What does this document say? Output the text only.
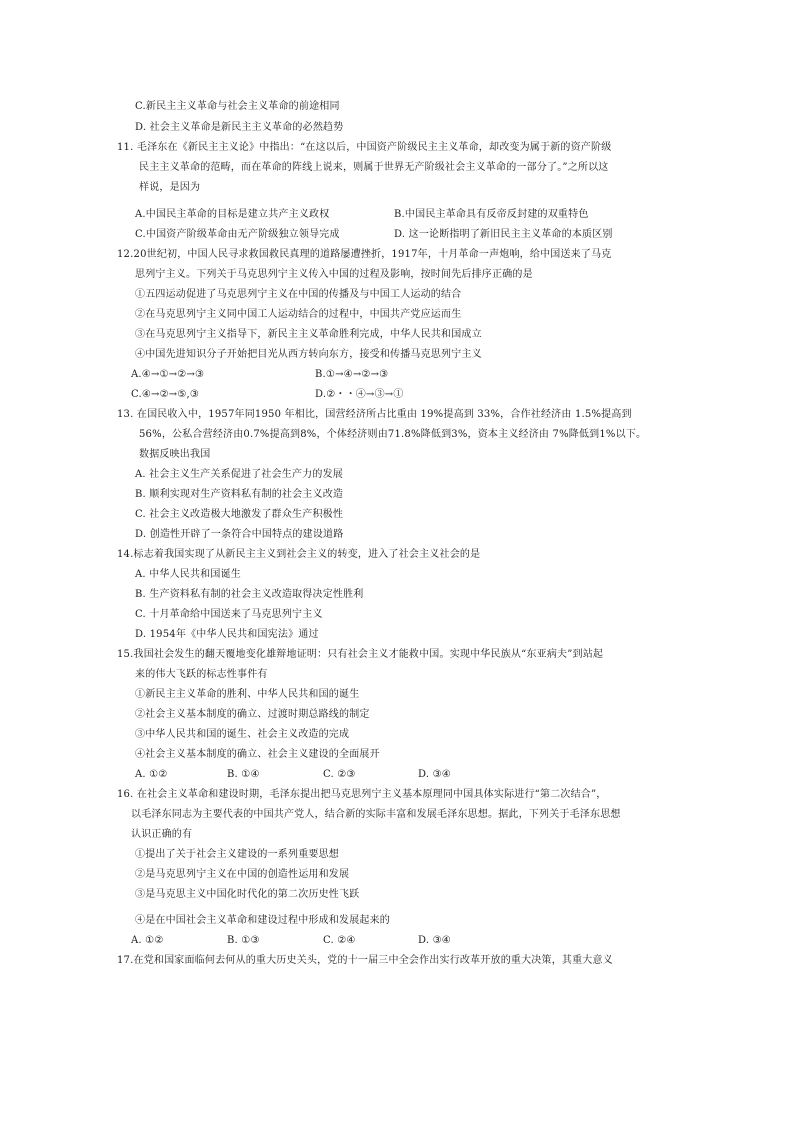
C.新民主主义革命与社会主义革命的前途相同
D. 社会主义革命是新民主主义革命的必然趋势
11. 毛泽东在《新民主主义论》中指出：“在这以后，中国资产阶级民主主义革命，却改变为属于新的资产阶级
民主主义革命的范畴，而在革命的阵线上说来，则属于世界无产阶级社会主义革命的一部分了。”之所以这
样说，是因为
A.中国民主革命的目标是建立共产主义政权	B.中国民主革命具有反帝反封建的双重特色
C.中国资产阶级革命由无产阶级独立领导完成	D. 这一论断指明了新旧民主主义革命的本质区别
12.20世纪初，中国人民寻求救国救民真理的道路屡遭挫折，1917年，十月革命一声炮响，给中国送来了马克
思列宁主义。下列关于马克思列宁主义传入中国的过程及影响，按时间先后排序正确的是
①五四运动促进了马克思列宁主义在中国的传播及与中国工人运动的结合
②在马克思列宁主义同中国工人运动结合的过程中，中国共产党应运而生
③在马克思列宁主义指导下，新民主主义革命胜利完成，中华人民共和国成立
④中国先进知识分子开始把目光从西方转向东方，接受和传播马克思列宁主义
A.④→①→②→③	B.①→④→②→③
C.④→②→⑤,③	D.②・・④→③→①
13. 在国民收入中，1957年同1950 年相比，国营经济所占比重由 19%提高到 33%，合作社经济由 1.5%提高到
56%，公私合营经济由0.7%提高到8%，个体经济则由71.8%降低到3%，资本主义经济由 7%降低到1%以下。
数据反映出我国
A. 社会主义生产关系促进了社会生产力的发展
B. 顺利实现对生产资料私有制的社会主义改造
C. 社会主义改造极大地激发了群众生产积极性
D. 创造性开辟了一条符合中国特点的建设道路
14.标志着我国实现了从新民主主义到社会主义的转变，进入了社会主义社会的是
A. 中华人民共和国诞生
B. 生产资料私有制的社会主义改造取得决定性胜利
C. 十月革命给中国送来了马克思列宁主义
D. 1954年《中华人民共和国宪法》通过
15.我国社会发生的翻天覆地变化雄辩地证明：只有社会主义才能救中国。实现中华民族从“东亚病夫”到站起
来的伟大飞跃的标志性事件有
①新民主主义革命的胜利、中华人民共和国的诞生
②社会主义基本制度的确立、过渡时期总路线的制定
③中华人民共和国的诞生、社会主义改造的完成
④社会主义基本制度的确立、社会主义建设的全面展开
A. ①②	B. ①④	C. ②③	D. ③④
16. 在社会主义革命和建设时期，毛泽东提出把马克思列宁主义基本原理同中国具体实际进行“第二次结合”，
以毛泽东同志为主要代表的中国共产党人，结合新的实际丰富和发展毛泽东思想。据此，下列关于毛泽东思想
认识正确的有
①提出了关于社会主义建设的一系列重要思想
②是马克思列宁主义在中国的创造性运用和发展
③是马克思主义中国化时代化的第二次历史性飞跃
④是在中国社会主义革命和建设过程中形成和发展起来的
A. ①②	B. ①③	C. ②④	D. ③④
17.在党和国家面临何去何从的重大历史关头，党的十一届三中全会作出实行改革开放的重大决策，其重大意义
